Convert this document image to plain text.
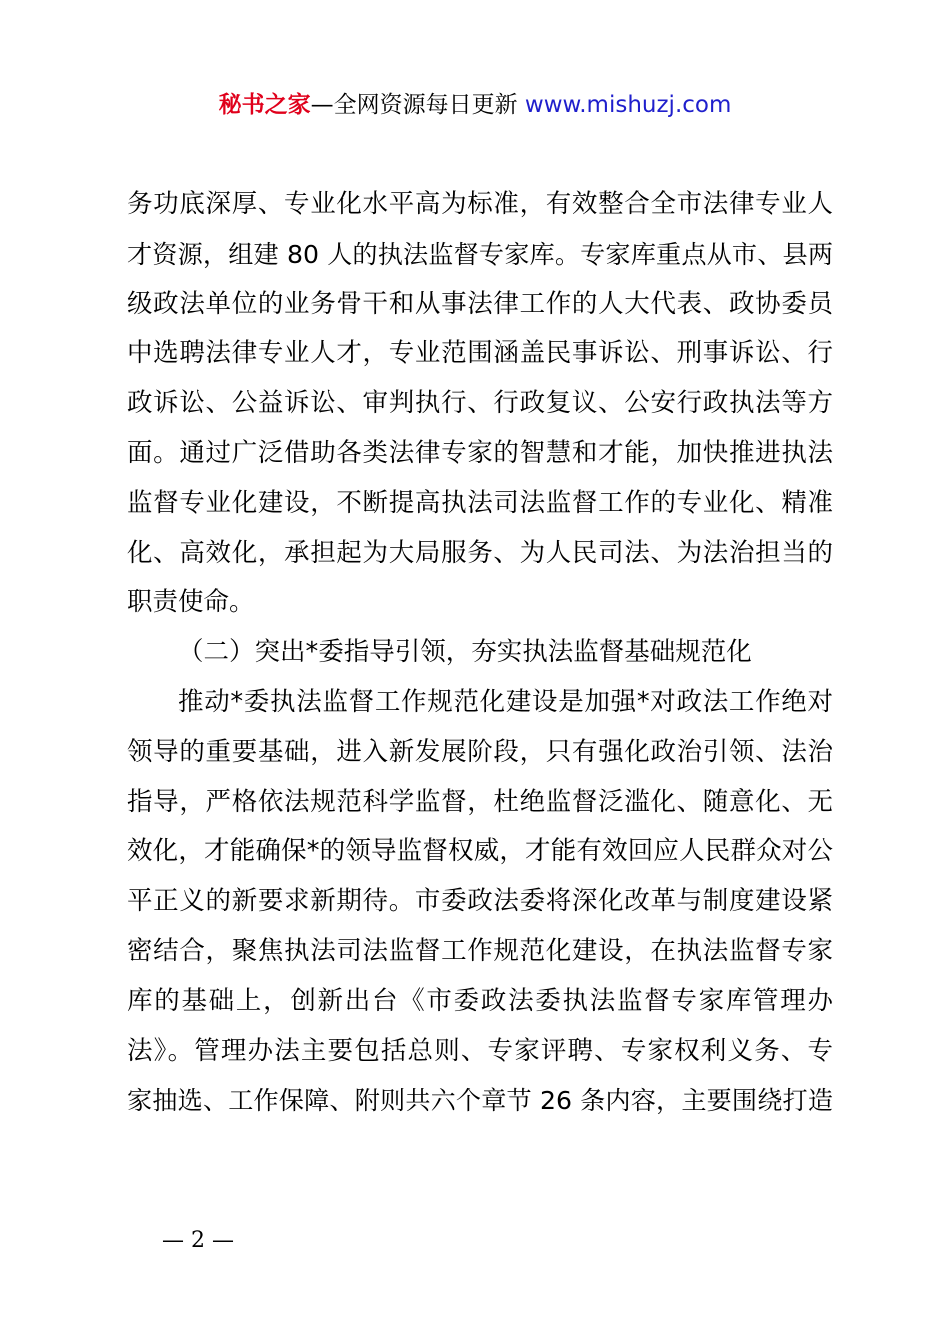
秘书之家—全网资源每日更新 www.mishuzj.com
务功底深厚、专业化水平高为标准，有效整合全市法律专业人
才资源，组建 80 人的执法监督专家库。专家库重点从市、县两
级政法单位的业务骨干和从事法律工作的人大代表、政协委员
中选聘法律专业人才，专业范围涵盖民事诉讼、刑事诉讼、行
政诉讼、公益诉讼、审判执行、行政复议、公安行政执法等方
面。通过广泛借助各类法律专家的智慧和才能，加快推进执法
监督专业化建设，不断提高执法司法监督工作的专业化、精准
化、高效化，承担起为大局服务、为人民司法、为法治担当的
职责使命。
（二）突出*委指导引领，夯实执法监督基础规范化
推动*委执法监督工作规范化建设是加强*对政法工作绝对
领导的重要基础，进入新发展阶段，只有强化政治引领、法治
指导，严格依法规范科学监督，杜绝监督泛滥化、随意化、无
效化，才能确保*的领导监督权威，才能有效回应人民群众对公
平正义的新要求新期待。市委政法委将深化改革与制度建设紧
密结合，聚焦执法司法监督工作规范化建设，在执法监督专家
库的基础上，创新出台《市委政法委执法监督专家库管理办
法》。管理办法主要包括总则、专家评聘、专家权利义务、专
家抽选、工作保障、附则共六个章节 26 条内容，主要围绕打造
— 2 —
